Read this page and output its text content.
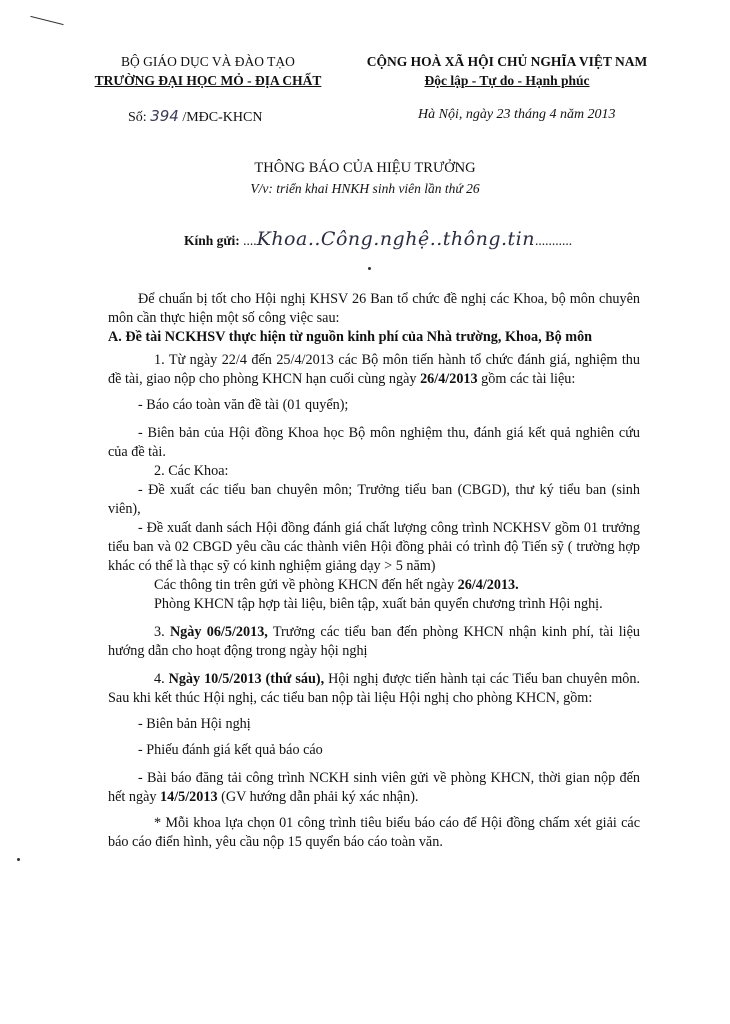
BỘ GIÁO DỤC VÀ ĐÀO TẠO
TRƯỜNG ĐẠI HỌC MỎ - ĐỊA CHẤT
CỘNG HOÀ XÃ HỘI CHỦ NGHĨA VIỆT NAM
Độc lập - Tự do - Hạnh phúc
Số: 394 /MĐC-KHCN	Hà Nội, ngày 23 tháng 4 năm 2013
THÔNG BÁO CỦA HIỆU TRƯỞNG
V/v: triển khai HNKH sinh viên lần thứ 26
Kính gửi: ....Khoa..Công.nghệ..thông.tin...........

Để chuẩn bị tốt cho Hội nghị KHSV 26 Ban tổ chức đề nghị các Khoa, bộ môn chuyên môn cần thực hiện một số công việc sau:

A. Đề tài NCKHSV thực hiện từ nguồn kinh phí của Nhà trường, Khoa, Bộ môn

1. Từ ngày 22/4 đến 25/4/2013 các Bộ môn tiến hành tổ chức đánh giá, nghiệm thu đề tài, giao nộp cho phòng KHCN hạn cuối cùng ngày 26/4/2013 gồm các tài liệu:

- Báo cáo toàn văn đề tài (01 quyển);

- Biên bản của Hội đồng Khoa học Bộ môn nghiệm thu, đánh giá kết quả nghiên cứu của đề tài.

2. Các Khoa:

- Đề xuất các tiểu ban chuyên môn; Trưởng tiểu ban (CBGD), thư ký tiểu ban (sinh viên),

- Đề xuất danh sách Hội đồng đánh giá chất lượng công trình NCKHSV gồm 01 trưởng tiểu ban và 02 CBGD yêu cầu các thành viên Hội đồng phải có trình độ Tiến sỹ ( trường hợp khác có thể là thạc sỹ có kinh nghiệm giảng dạy > 5 năm)

Các thông tin trên gửi về phòng KHCN đến hết ngày 26/4/2013.

Phòng KHCN tập hợp tài liệu, biên tập, xuất bản quyển chương trình Hội nghị.

3. Ngày 06/5/2013, Trưởng các tiểu ban đến phòng KHCN nhận kinh phí, tài liệu hướng dẫn cho hoạt động trong ngày hội nghị

4. Ngày 10/5/2013 (thứ sáu), Hội nghị được tiến hành tại các Tiểu ban chuyên môn. Sau khi kết thúc Hội nghị, các tiểu ban nộp tài liệu Hội nghị cho phòng KHCN, gồm:

- Biên bản Hội nghị

- Phiếu đánh giá kết quả báo cáo

- Bài báo đăng tải công trình NCKH sinh viên gửi về phòng KHCN, thời gian nộp đến hết ngày 14/5/2013 (GV hướng dẫn phải ký xác nhận).

* Mỗi khoa lựa chọn 01 công trình tiêu biểu báo cáo để Hội đồng chấm xét giải các báo cáo điển hình, yêu cầu nộp 15 quyển báo cáo toàn văn.
